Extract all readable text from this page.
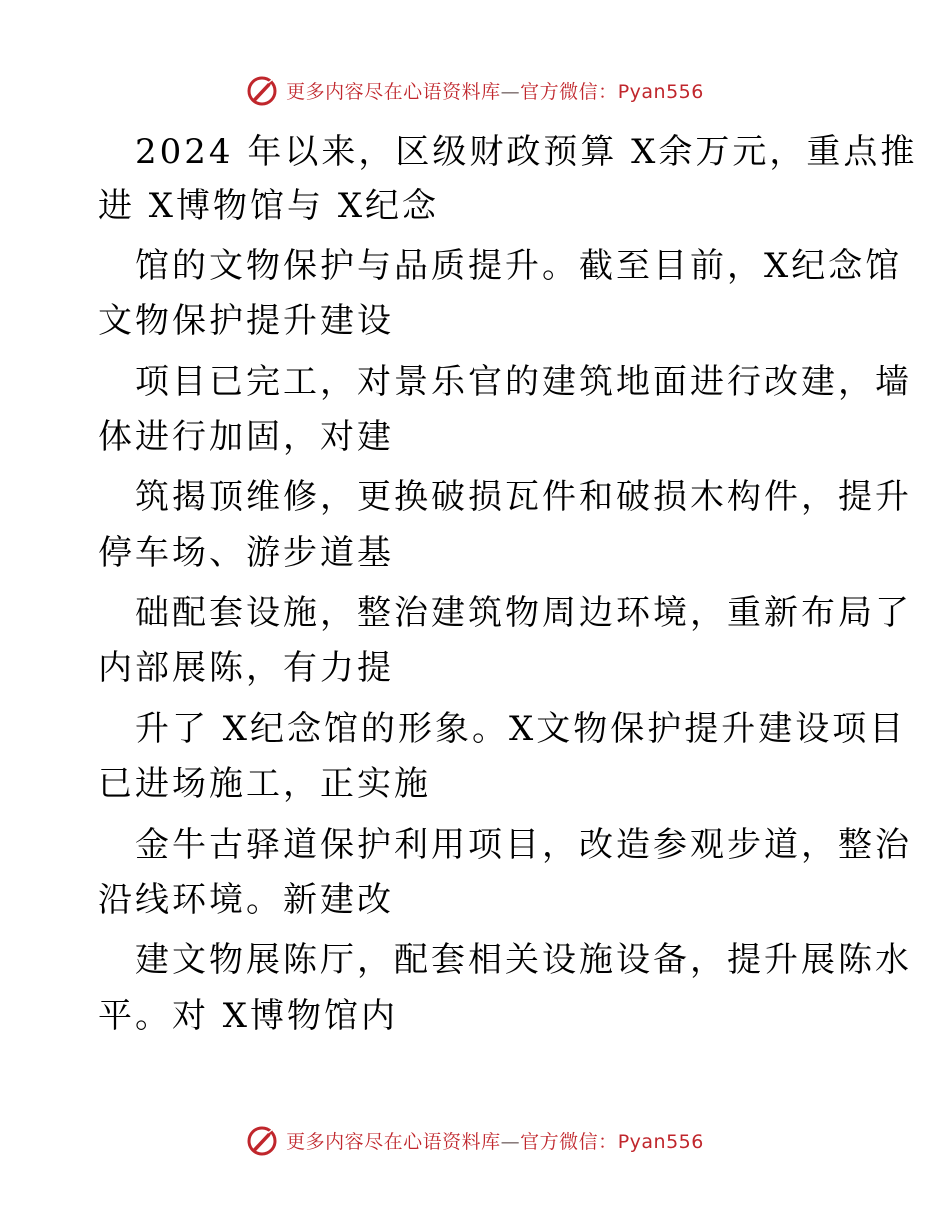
更多内容尽在心语资料库—官方微信：Pyan556
2024 年以来，区级财政预算 X余万元，重点推
进 X博物馆与 X纪念
馆的文物保护与品质提升。截至目前，X纪念馆
文物保护提升建设
项目已完工，对景乐官的建筑地面进行改建，墙
体进行加固，对建
筑揭顶维修，更换破损瓦件和破损木构件，提升
停车场、游步道基
础配套设施，整治建筑物周边环境，重新布局了
内部展陈，有力提
升了 X纪念馆的形象。X文物保护提升建设项目
已进场施工，正实施
金牛古驿道保护利用项目，改造参观步道，整治
沿线环境。新建改
建文物展陈厅，配套相关设施设备，提升展陈水
平。对 X博物馆内
更多内容尽在心语资料库—官方微信：Pyan556
